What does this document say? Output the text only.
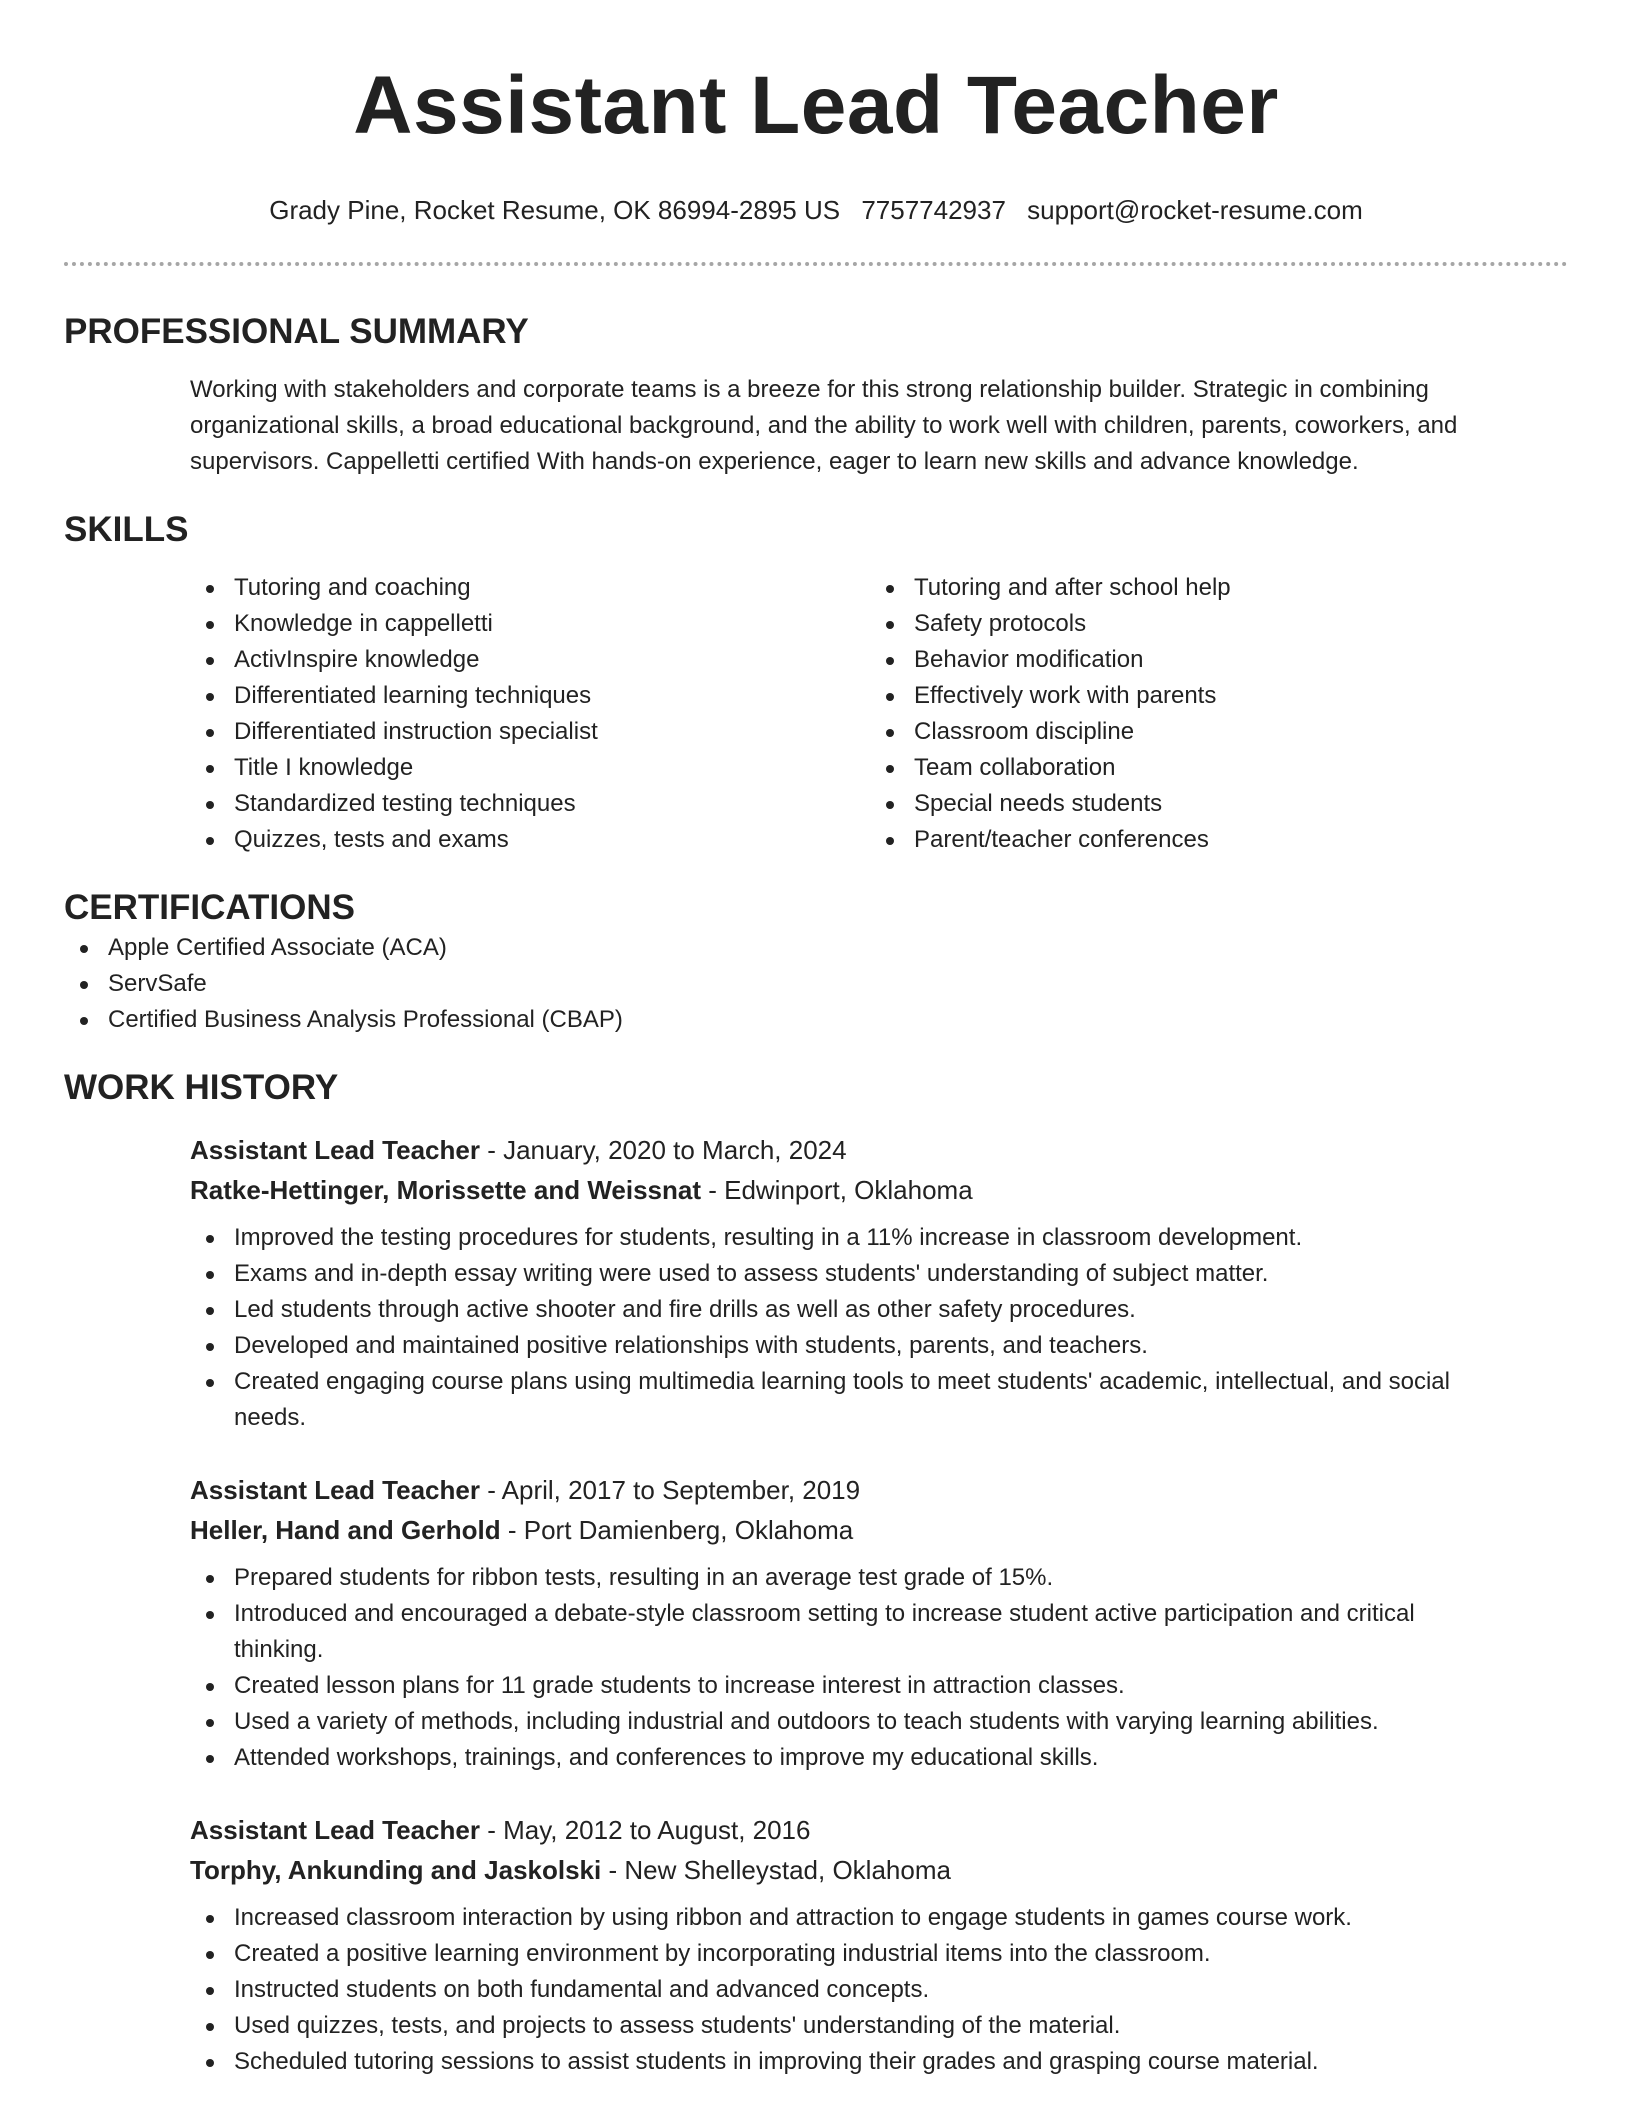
Assistant Lead Teacher
Grady Pine, Rocket Resume, OK 86994-2895 US 7757742937 support@rocket-resume.com
PROFESSIONAL SUMMARY
Working with stakeholders and corporate teams is a breeze for this strong relationship builder. Strategic in combining organizational skills, a broad educational background, and the ability to work well with children, parents, coworkers, and supervisors. Cappelletti certified With hands-on experience, eager to learn new skills and advance knowledge.
SKILLS
Tutoring and coaching
Knowledge in cappelletti
ActivInspire knowledge
Differentiated learning techniques
Differentiated instruction specialist
Title I knowledge
Standardized testing techniques
Quizzes, tests and exams
Tutoring and after school help
Safety protocols
Behavior modification
Effectively work with parents
Classroom discipline
Team collaboration
Special needs students
Parent/teacher conferences
CERTIFICATIONS
Apple Certified Associate (ACA)
ServSafe
Certified Business Analysis Professional (CBAP)
WORK HISTORY
Assistant Lead Teacher - January, 2020 to March, 2024
Ratke-Hettinger, Morissette and Weissnat - Edwinport, Oklahoma
Improved the testing procedures for students, resulting in a 11% increase in classroom development.
Exams and in-depth essay writing were used to assess students' understanding of subject matter.
Led students through active shooter and fire drills as well as other safety procedures.
Developed and maintained positive relationships with students, parents, and teachers.
Created engaging course plans using multimedia learning tools to meet students' academic, intellectual, and social needs.
Assistant Lead Teacher - April, 2017 to September, 2019
Heller, Hand and Gerhold - Port Damienberg, Oklahoma
Prepared students for ribbon tests, resulting in an average test grade of 15%.
Introduced and encouraged a debate-style classroom setting to increase student active participation and critical thinking.
Created lesson plans for 11 grade students to increase interest in attraction classes.
Used a variety of methods, including industrial and outdoors to teach students with varying learning abilities.
Attended workshops, trainings, and conferences to improve my educational skills.
Assistant Lead Teacher - May, 2012 to August, 2016
Torphy, Ankunding and Jaskolski - New Shelleystad, Oklahoma
Increased classroom interaction by using ribbon and attraction to engage students in games course work.
Created a positive learning environment by incorporating industrial items into the classroom.
Instructed students on both fundamental and advanced concepts.
Used quizzes, tests, and projects to assess students' understanding of the material.
Scheduled tutoring sessions to assist students in improving their grades and grasping course material.
